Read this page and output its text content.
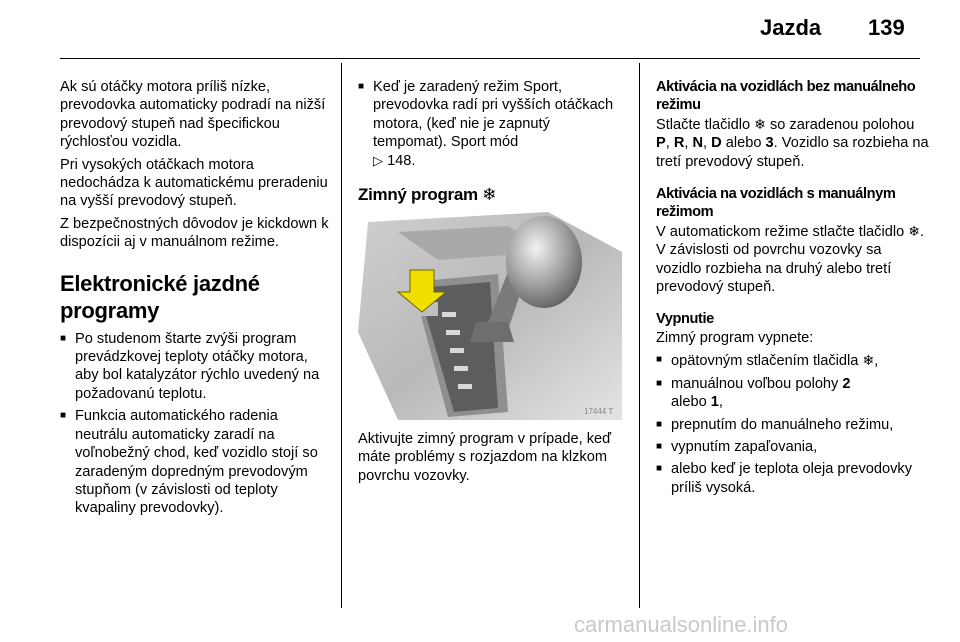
Jazda 139

Ak sú otáčky motora príliš nízke, prevodovka automaticky podradí na nižší prevodový stupeň nad špecifickou rýchlosťou vozidla.

Pri vysokých otáčkach motora nedochádza k automatickému preradeniu na vyšší prevodový stupeň.

Z bezpečnostných dôvodov je kickdown k dispozícii aj v manuálnom režime.

Elektronické jazdné programy
■ Po studenom štarte zvýši program prevádzkovej teploty otáčky motora, aby bol katalyzátor rýchlo uvedený na požadovanú teplotu.
■ Funkcia automatického radenia neutrálu automaticky zaradí na voľnobežný chod, keď vozidlo stojí so zaradeným dopredným prevodovým stupňom (v závislosti od teploty kvapaliny prevodovky).
■ Keď je zaradený režim Sport, prevodovka radí pri vyšších otáčkach motora, (keď nie je zapnutý tempomat). Sport mód
▷ 148.
Zimný program ❄
17444 T
Aktivujte zimný program v prípade, keď máte problémy s rozjazdom na klzkom povrchu vozovky.
Aktivácia na vozidlách bez manuálneho režimu

Stlačte tlačidlo ❄ so zaradenou polohou P, R, N, D alebo 3. Vozidlo sa rozbieha na tretí prevodový stupeň.

Aktivácia na vozidlách s manuálnym režimom

V automatickom režime stlačte tlačidlo ❄. V závislosti od povrchu vozovky sa vozidlo rozbieha na druhý alebo tretí prevodový stupeň.

Vypnutie

Zimný program vypnete:

■ opätovným stlačením tlačidla ❄,
■ manuálnou voľbou polohy 2
alebo 1,
■ prepnutím do manuálneho režimu,
■ vypnutím zapaľovania,
■ alebo keď je teplota oleja prevodovky príliš vysoká.
carmanualsonline.info
